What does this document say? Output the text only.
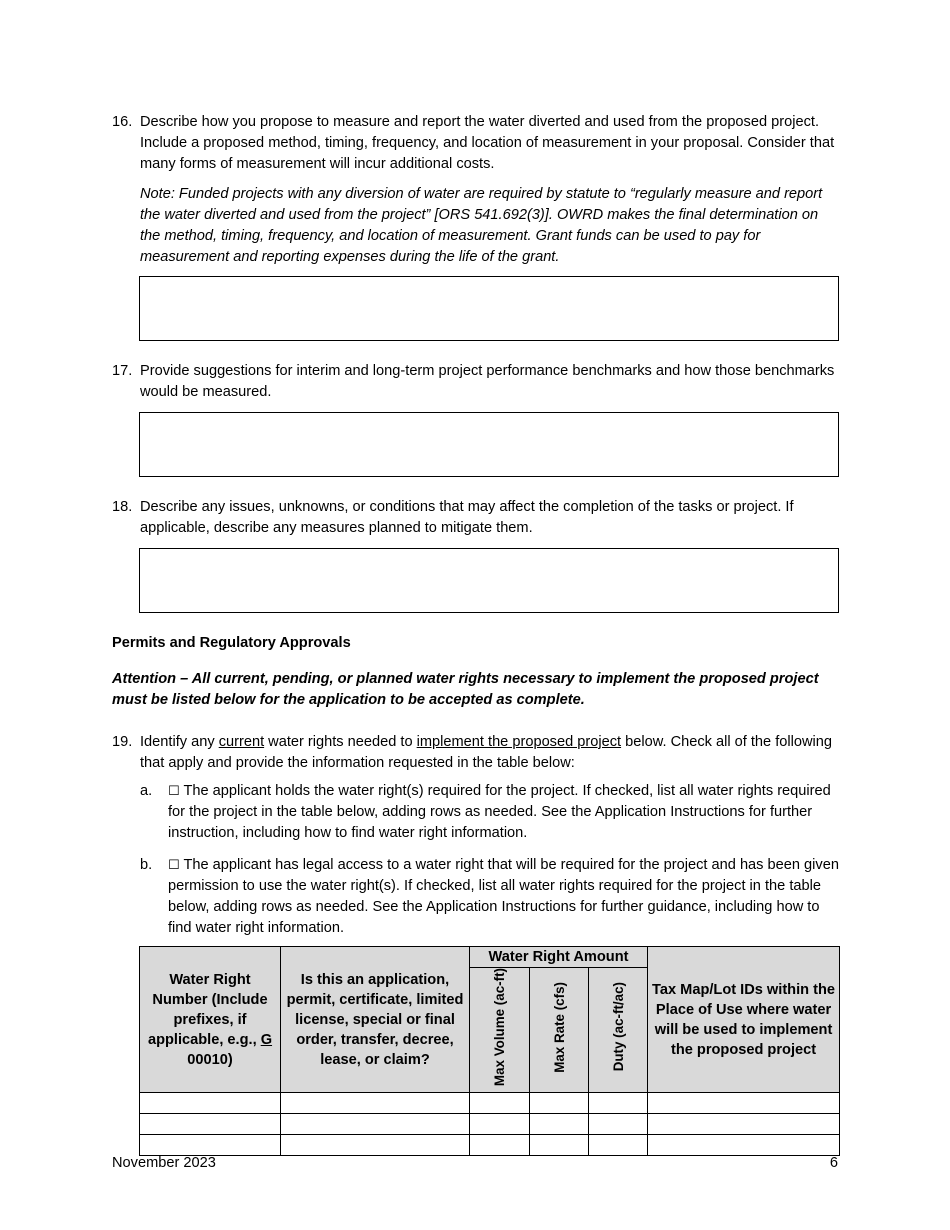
16. Describe how you propose to measure and report the water diverted and used from the proposed project. Include a proposed method, timing, frequency, and location of measurement in your proposal. Consider that many forms of measurement will incur additional costs.

Note: Funded projects with any diversion of water are required by statute to “regularly measure and report the water diverted and used from the project” [ORS 541.692(3)]. OWRD makes the final determination on the method, timing, frequency, and location of measurement. Grant funds can be used to pay for measurement and reporting expenses during the life of the grant.

17. Provide suggestions for interim and long-term project performance benchmarks and how those benchmarks would be measured.

18. Describe any issues, unknowns, or conditions that may affect the completion of the tasks or project. If applicable, describe any measures planned to mitigate them.

Permits and Regulatory Approvals
Attention – All current, pending, or planned water rights necessary to implement the proposed project must be listed below for the application to be accepted as complete.
19. Identify any current water rights needed to implement the proposed project below. Check all of the following that apply and provide the information requested in the table below:

a. ☐ The applicant holds the water right(s) required for the project. If checked, list all water rights required for the project in the table below, adding rows as needed. See the Application Instructions for further instruction, including how to find water right information.
b. ☐ The applicant has legal access to a water right that will be required for the project and has been given permission to use the water right(s). If checked, list all water rights required for the project in the table below, adding rows as needed. See the Application Instructions for further guidance, including how to find water right information.
Water Right Number (Include prefixes, if applicable, e.g., G 00010)	Is this an application, permit, certificate, limited license, special or final order, transfer, decree, lease, or claim?	Water Right Amount			Tax Map/Lot IDs within the Place of Use where water will be used to implement the proposed project
		Max Volume (ac-ft)	Max Rate (cfs)	Duty (ac-ft/ac)	

November 2023	6
